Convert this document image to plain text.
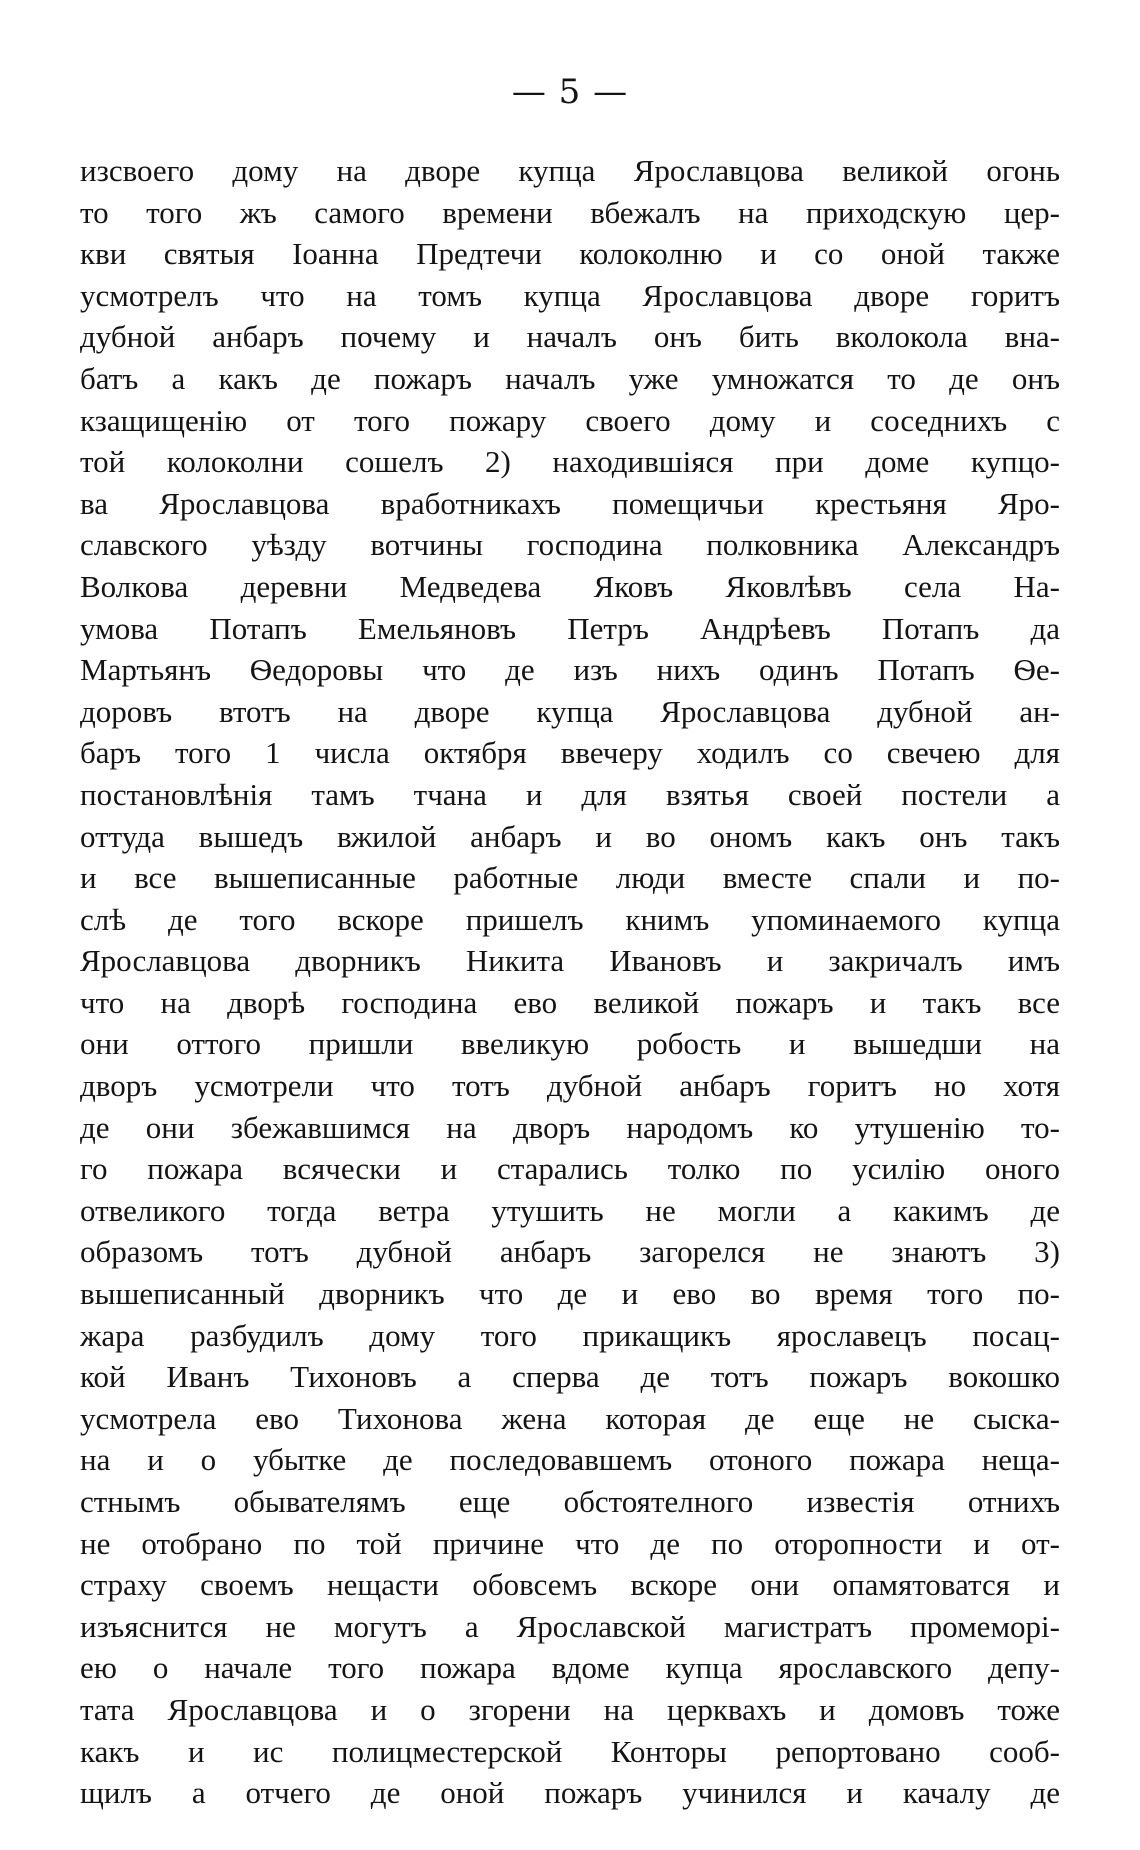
— 5 —
изсвоего дому на дворе купца Ярославцова великой огонь
то того жъ самого времени вбежалъ на приходскую цер-
кви святыя Іоанна Предтечи колоколню и со оной также
усмотрелъ что на томъ купца Ярославцова дворе горитъ
дубной анбаръ почему и началъ онъ бить вколокола вна-
батъ а какъ де пожаръ началъ уже умножатся то де онъ
кзащищенію от того пожару своего дому и соседнихъ с
той колоколни сошелъ 2) находившіяся при доме купцо-
ва Ярославцова вработникахъ помещичьи крестьяня Яро-
славского уѣзду вотчины господина полковника Александръ
Волкова деревни Медведева Яковъ Яковлѣвъ села На-
умова Потапъ Емельяновъ Петръ Андрѣевъ Потапъ да
Мартьянъ Ѳедоровы что де изъ нихъ одинъ Потапъ Ѳе-
доровъ втотъ на дворе купца Ярославцова дубной ан-
баръ того 1 числа октября ввечеру ходилъ со свечею для
постановлѣнія тамъ тчана и для взятья своей постели а
оттуда вышедъ вжилой анбаръ и во ономъ какъ онъ такъ
и все вышеписанные работные люди вместе спали и по-
слѣ де того вскоре пришелъ книмъ упоминаемого купца
Ярославцова дворникъ Никита Ивановъ и закричалъ имъ
что на дворѣ господина ево великой пожаръ и такъ все
они оттого пришли ввеликую робость и вышедши на
дворъ усмотрели что тотъ дубной анбаръ горитъ но хотя
де они збежавшимся на дворъ народомъ ко утушенію то-
го пожара всячески и старались толко по усилію оного
отвеликого тогда ветра утушить не могли а какимъ де
образомъ тотъ дубной анбаръ загорелся не знаютъ 3)
вышеписанный дворникъ что де и ево во время того по-
жара разбудилъ дому того прикащикъ ярославецъ посац-
кой Иванъ Тихоновъ а сперва де тотъ пожаръ вокошко
усмотрела ево Тихонова жена которая де еще не сыска-
на и о убытке де последовавшемъ отоного пожара нещa-
стнымъ обывателямъ еще обстоятелного известія отнихъ
не отобрано по той причине что де по оторопности и от-
страху своемъ нещасти обовсемъ вскоре они опамятоватся и
изъяснится не могутъ а Ярославской магистратъ промеморі-
ею о начале того пожара вдоме купца ярославского депу-
тата Ярославцова и о згорени на церквахъ и домовъ тоже
какъ и ис полицместерской Конторы репортовано сооб-
щилъ а отчего де оной пожаръ учинился и качалу де
